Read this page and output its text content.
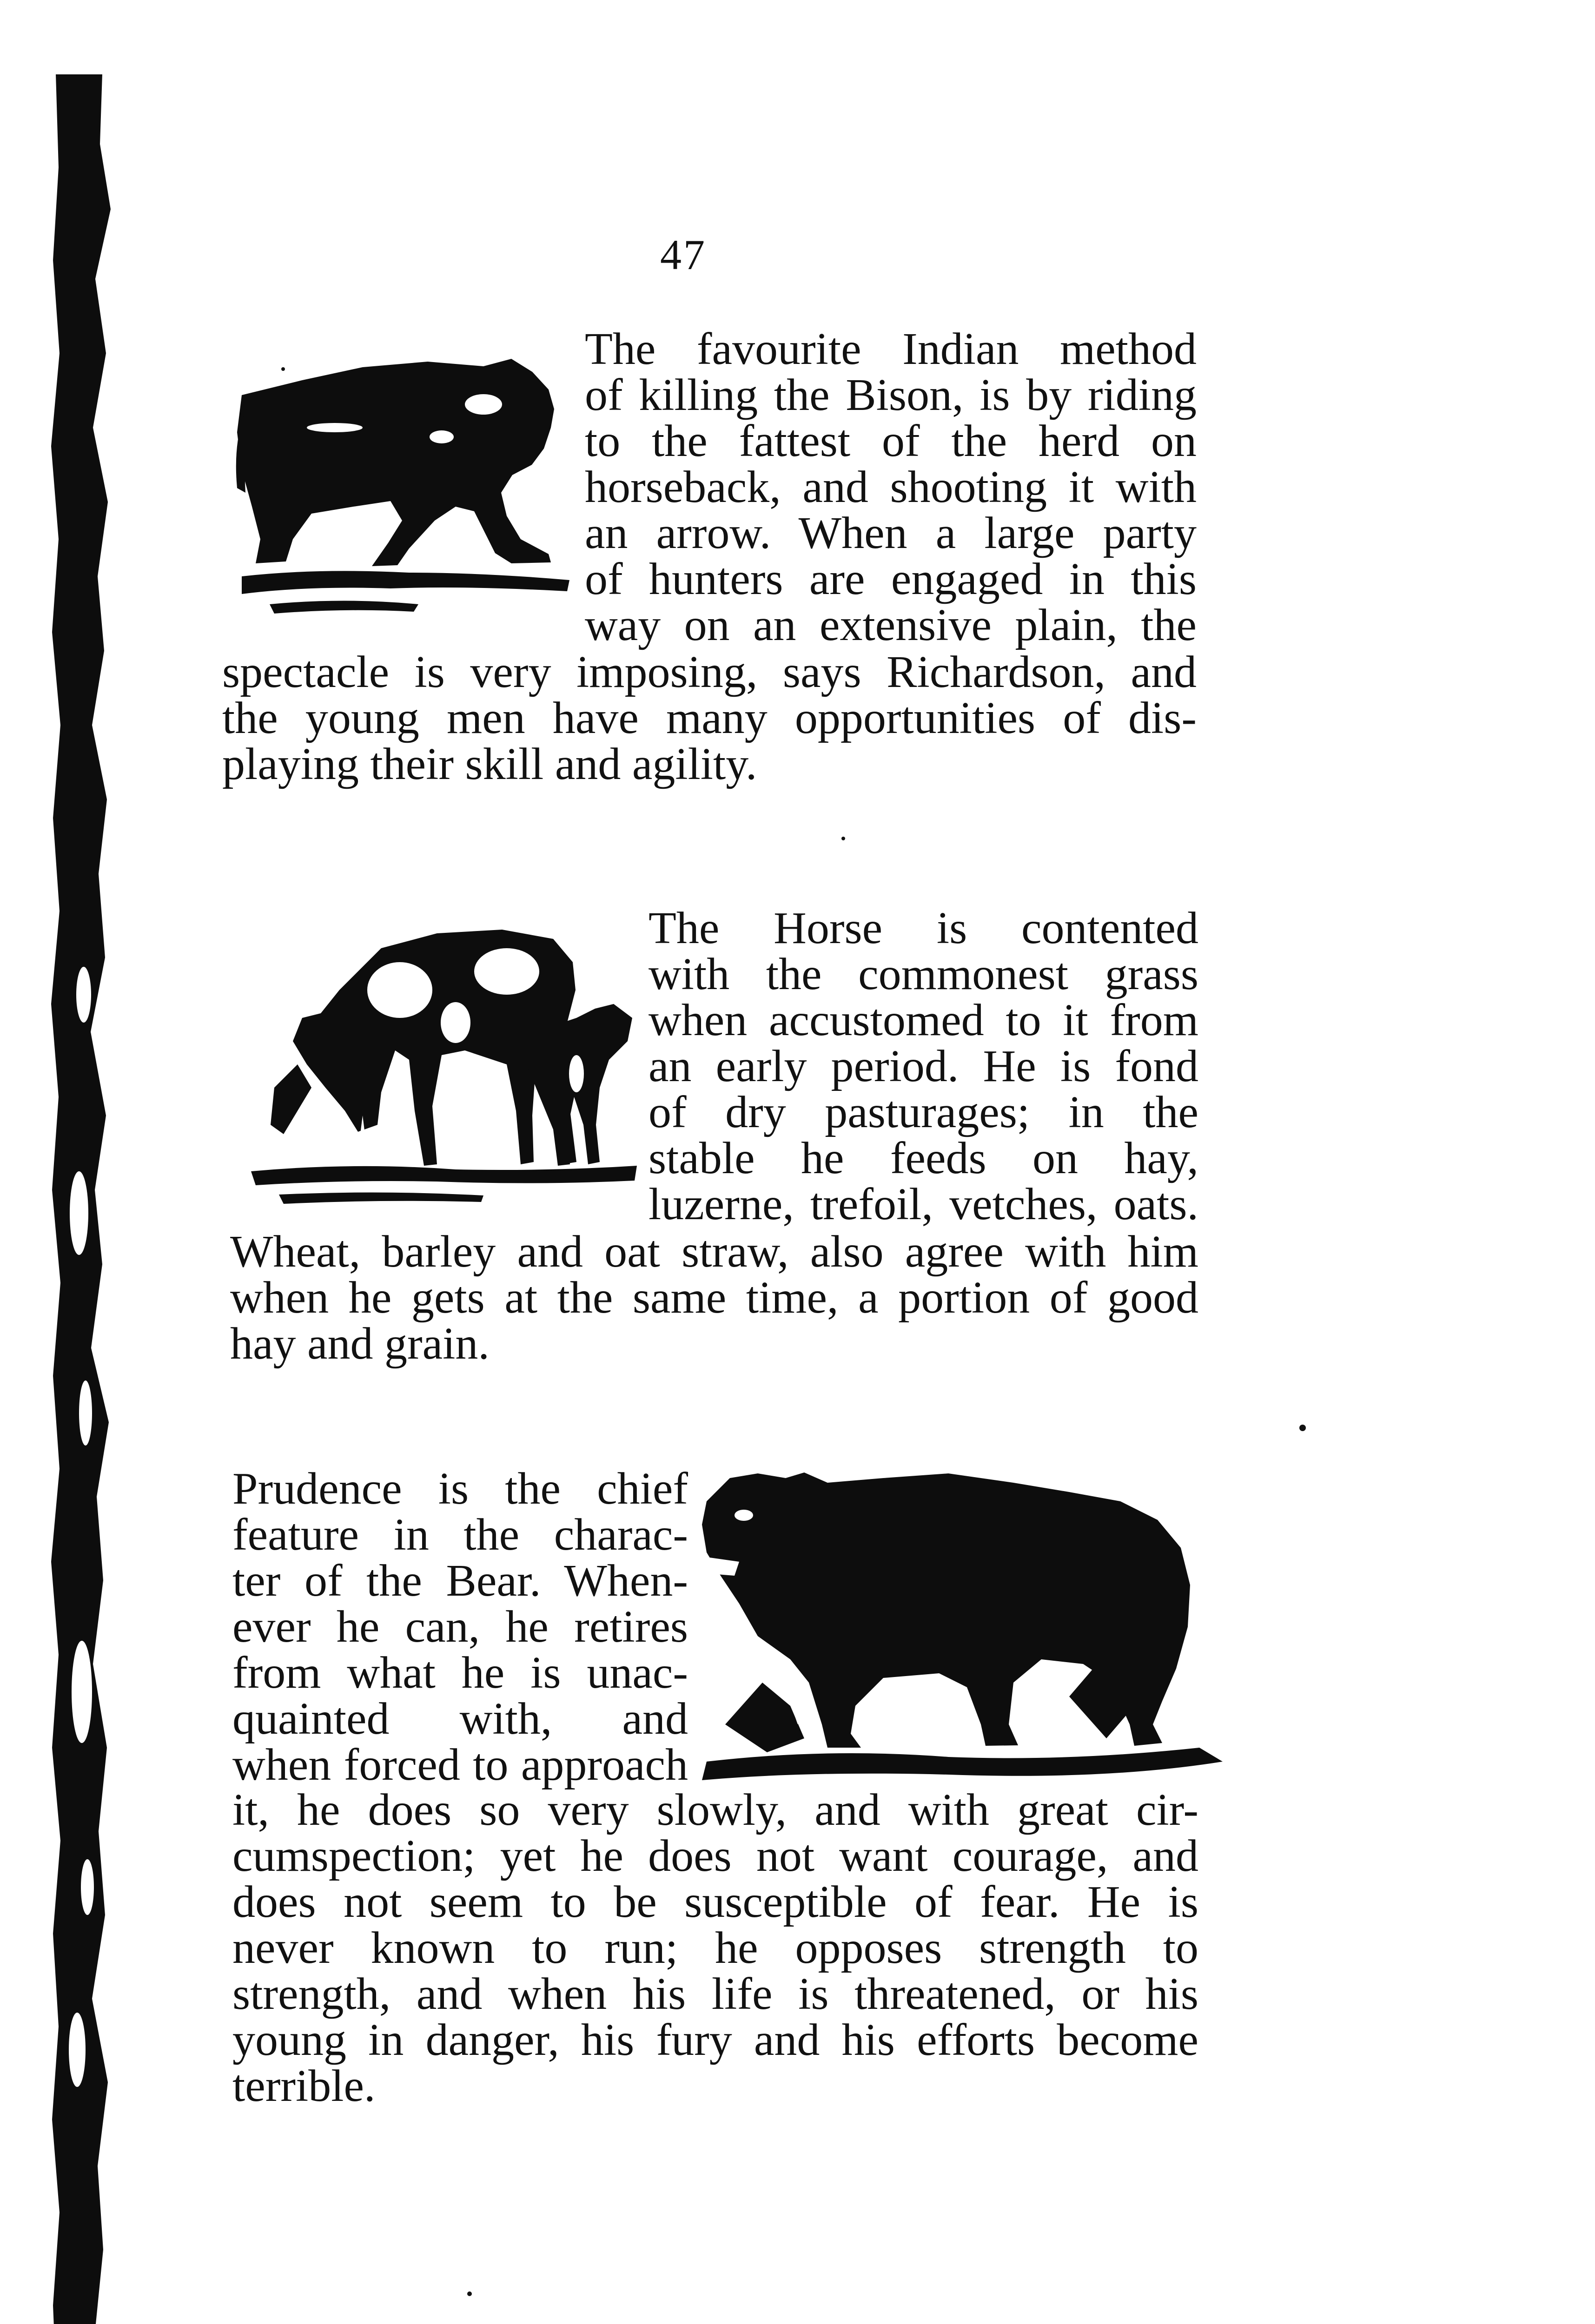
47
The favourite Indian method
of killing the Bison, is by riding
to the fattest of the herd on
horseback, and shooting it with
an arrow. When a large party
of hunters are engaged in this
way on an extensive plain, the
spectacle is very imposing, says Richardson, and
the young men have many opportunities of dis-
playing their skill and agility.
The Horse is contented
with the commonest grass
when accustomed to it from
an early period. He is fond
of dry pasturages; in the
stable he feeds on hay,
luzerne, trefoil, vetches, oats.
Wheat, barley and oat straw, also agree with him
when he gets at the same time, a portion of good
hay and grain.
Prudence is the chief
feature in the charac-
ter of the Bear. When-
ever he can, he retires
from what he is unac-
quainted with, and
when forced to approach
it, he does so very slowly, and with great cir-
cumspection; yet he does not want courage, and
does not seem to be susceptible of fear. He is
never known to run; he opposes strength to
strength, and when his life is threatened, or his
young in danger, his fury and his efforts become
terrible.
